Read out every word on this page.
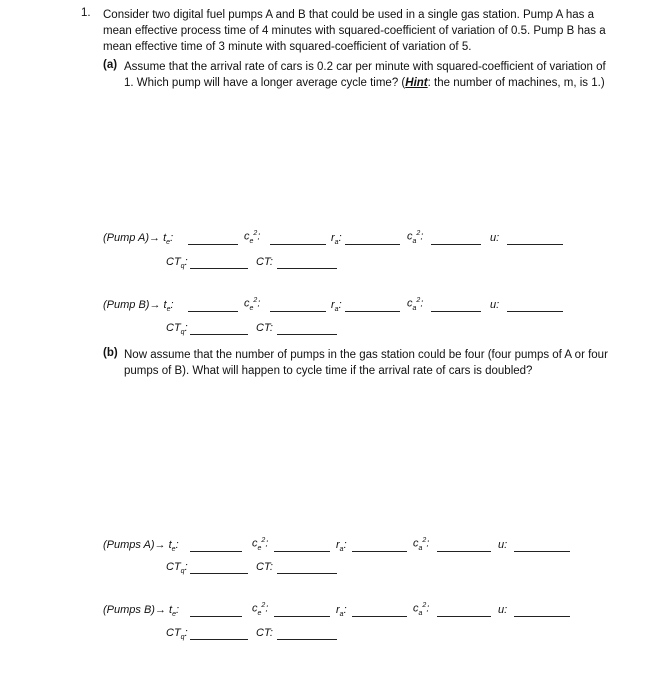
1. Consider two digital fuel pumps A and B that could be used in a single gas station. Pump A has a mean effective process time of 4 minutes with squared-coefficient of variation of 0.5. Pump B has a mean effective time of 3 minute with squared-coefficient of variation of 5.
(a) Assume that the arrival rate of cars is 0.2 car per minute with squared-coefficient of variation of 1. Which pump will have a longer average cycle time? (Hint: the number of machines, m, is 1.)
(Pump $A)\to t_e$:	$c_e^2$:	$r_a$:	$c_a^2$:	u:
$CT_q$:	CT:
(Pump $B)\to t_e$:	$c_e^2$:	$r_a$:	$c_a^2$:	u:
$CT_q$:	CT:
(b) Now assume that the number of pumps in the gas station could be four (four pumps of A or four pumps of B). What will happen to cycle time if the arrival rate of cars is doubled?
(Pumps $A)\to t_e$:	$c_e^2$:	$r_a$:	$c_a^2$:	u:
$CT_q$:	CT:
(Pumps $B)\to t_e$:	$c_e^2$:	$r_a$:	$c_a^2$:	u:
$CT_q$:	CT:
